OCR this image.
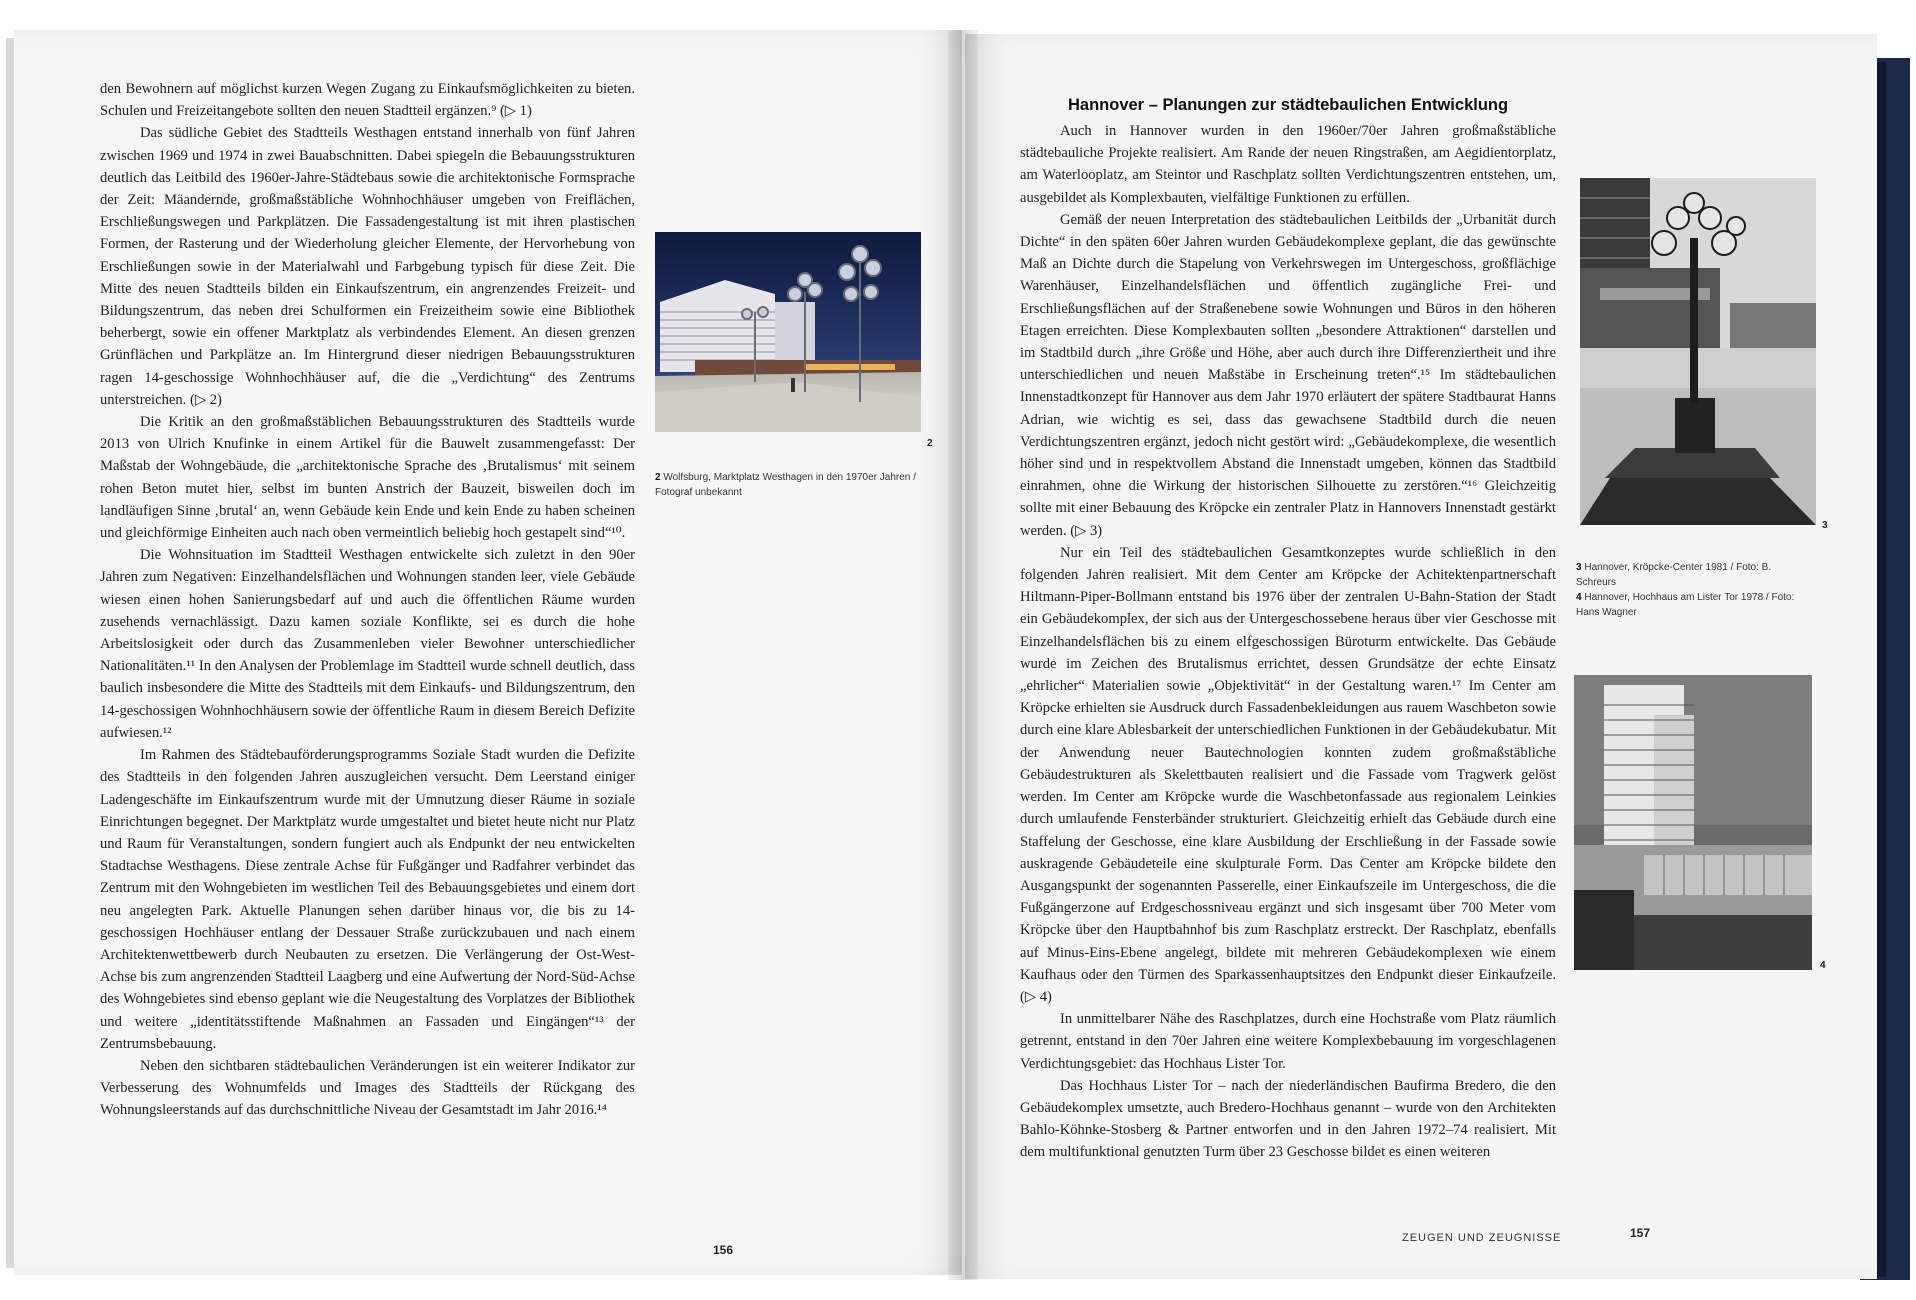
den Bewohnern auf möglichst kurzen Wegen Zugang zu Einkaufsmöglichkeiten zu bieten. Schulen und Freizeitangebote sollten den neuen Stadtteil ergänzen.⁹ (▷ 1)

Das südliche Gebiet des Stadtteils Westhagen entstand innerhalb von fünf Jahren zwischen 1969 und 1974 in zwei Bauabschnitten. Dabei spiegeln die Bebauungsstrukturen deutlich das Leitbild des 1960er-Jahre-Städtebaus sowie die architektonische Formsprache der Zeit: Mäandernde, großmaßstäbliche Wohnhochhäuser umgeben von Freiflächen, Erschließungswegen und Parkplätzen. Die Fassadengestaltung ist mit ihren plastischen Formen, der Rasterung und der Wiederholung gleicher Elemente, der Hervorhebung von Erschließungen sowie in der Materialwahl und Farbgebung typisch für diese Zeit. Die Mitte des neuen Stadtteils bilden ein Einkaufszentrum, ein angrenzendes Freizeit- und Bildungszentrum, das neben drei Schulformen ein Freizeitheim sowie eine Bibliothek beherbergt, sowie ein offener Marktplatz als verbindendes Element. An diesen grenzen Grünflächen und Parkplätze an. Im Hintergrund dieser niedrigen Bebauungsstrukturen ragen 14-geschossige Wohnhochhäuser auf, die die „Verdichtung“ des Zentrums unterstreichen. (▷ 2)

Die Kritik an den großmaßstäblichen Bebauungsstrukturen des Stadtteils wurde 2013 von Ulrich Knufinke in einem Artikel für die Bauwelt zusammengefasst: Der Maßstab der Wohngebäude, die „architektonische Sprache des ‚Brutalismus‘ mit seinem rohen Beton mutet hier, selbst im bunten Anstrich der Bauzeit, bisweilen doch im landläufigen Sinne ‚brutal‘ an, wenn Gebäude kein Ende und kein Ende zu haben scheinen und gleichförmige Einheiten auch nach oben vermeintlich beliebig hoch gestapelt sind“¹⁰.

Die Wohnsituation im Stadtteil Westhagen entwickelte sich zuletzt in den 90er Jahren zum Negativen: Einzelhandelsflächen und Wohnungen standen leer, viele Gebäude wiesen einen hohen Sanierungsbedarf auf und auch die öffentlichen Räume wurden zusehends vernachlässigt. Dazu kamen soziale Konflikte, sei es durch die hohe Arbeitslosigkeit oder durch das Zusammenleben vieler Bewohner unterschiedlicher Nationalitäten.¹¹ In den Analysen der Problemlage im Stadtteil wurde schnell deutlich, dass baulich insbesondere die Mitte des Stadtteils mit dem Einkaufs- und Bildungszentrum, den 14-geschossigen Wohnhochhäusern sowie der öffentliche Raum in diesem Bereich Defizite aufwiesen.¹²

Im Rahmen des Städtebauförderungsprogramms Soziale Stadt wurden die Defizite des Stadtteils in den folgenden Jahren auszugleichen versucht. Dem Leerstand einiger Ladengeschäfte im Einkaufszentrum wurde mit der Umnutzung dieser Räume in soziale Einrichtungen begegnet. Der Marktplatz wurde umgestaltet und bietet heute nicht nur Platz und Raum für Veranstaltungen, sondern fungiert auch als Endpunkt der neu entwickelten Stadtachse Westhagens. Diese zentrale Achse für Fußgänger und Radfahrer verbindet das Zentrum mit den Wohngebieten im westlichen Teil des Bebauungsgebietes und einem dort neu angelegten Park. Aktuelle Planungen sehen darüber hinaus vor, die bis zu 14-geschossigen Hochhäuser entlang der Dessauer Straße zurückzubauen und nach einem Architektenwettbewerb durch Neubauten zu ersetzen. Die Verlängerung der Ost-West-Achse bis zum angrenzenden Stadtteil Laagberg und eine Aufwertung der Nord-Süd-Achse des Wohngebietes sind ebenso geplant wie die Neugestaltung des Vorplatzes der Bibliothek und weitere „identitätsstiftende Maßnahmen an Fassaden und Eingängen“¹³ der Zentrumsbebauung.

Neben den sichtbaren städtebaulichen Veränderungen ist ein weiterer Indikator zur Verbesserung des Wohnumfelds und Images des Stadtteils der Rückgang des Wohnungsleerstands auf das durchschnittliche Niveau der Gesamtstadt im Jahr 2016.¹⁴

2
2 Wolfsburg, Marktplatz Westhagen in den 1970er Jahren / Fotograf unbekannt
156
Hannover – Planungen zur städtebaulichen Entwicklung

Auch in Hannover wurden in den 1960er/70er Jahren großmaßstäbliche städtebauliche Projekte realisiert. Am Rande der neuen Ringstraßen, am Aegidientorplatz, am Waterlooplatz, am Steintor und Raschplatz sollten Verdichtungszentren entstehen, um, ausgebildet als Komplexbauten, vielfältige Funktionen zu erfüllen.

Gemäß der neuen Interpretation des städtebaulichen Leitbilds der „Urbanität durch Dichte“ in den späten 60er Jahren wurden Gebäudekomplexe geplant, die das gewünschte Maß an Dichte durch die Stapelung von Verkehrswegen im Untergeschoss, großflächige Warenhäuser, Einzelhandelsflächen und öffentlich zugängliche Frei- und Erschließungsflächen auf der Straßenebene sowie Wohnungen und Büros in den höheren Etagen erreichten. Diese Komplexbauten sollten „besondere Attraktionen“ darstellen und im Stadtbild durch „ihre Größe und Höhe, aber auch durch ihre Differenziertheit und ihre unterschiedlichen und neuen Maßstäbe in Erscheinung treten“.¹⁵ Im städtebaulichen Innenstadtkonzept für Hannover aus dem Jahr 1970 erläutert der spätere Stadtbaurat Hanns Adrian, wie wichtig es sei, dass das gewachsene Stadtbild durch die neuen Verdichtungszentren ergänzt, jedoch nicht gestört wird: „Gebäudekomplexe, die wesentlich höher sind und in respektvollem Abstand die Innenstadt umgeben, können das Stadtbild einrahmen, ohne die Wirkung der historischen Silhouette zu zerstören.“¹⁶ Gleichzeitig sollte mit einer Bebauung des Kröpcke ein zentraler Platz in Hannovers Innenstadt gestärkt werden. (▷ 3)

Nur ein Teil des städtebaulichen Gesamtkonzeptes wurde schließlich in den folgenden Jahren realisiert. Mit dem Center am Kröpcke der Achitektenpartnerschaft Hiltmann-Piper-Bollmann entstand bis 1976 über der zentralen U-Bahn-Station der Stadt ein Gebäudekomplex, der sich aus der Untergeschossebene heraus über vier Geschosse mit Einzelhandelsflächen bis zu einem elfgeschossigen Büroturm entwickelte. Das Gebäude wurde im Zeichen des Brutalismus errichtet, dessen Grundsätze der echte Einsatz „ehrlicher“ Materialien sowie „Objektivität“ in der Gestaltung waren.¹⁷ Im Center am Kröpcke erhielten sie Ausdruck durch Fassadenbekleidungen aus rauem Waschbeton sowie durch eine klare Ablesbarkeit der unterschiedlichen Funktionen in der Gebäudekubatur. Mit der Anwendung neuer Bautechnologien konnten zudem großmaßstäbliche Gebäudestrukturen als Skelettbauten realisiert und die Fassade vom Tragwerk gelöst werden. Im Center am Kröpcke wurde die Waschbetonfassade aus regionalem Leinkies durch umlaufende Fensterbänder strukturiert. Gleichzeitig erhielt das Gebäude durch eine Staffelung der Geschosse, eine klare Ausbildung der Erschließung in der Fassade sowie auskragende Gebäudeteile eine skulpturale Form. Das Center am Kröpcke bildete den Ausgangspunkt der sogenannten Passerelle, einer Einkaufszeile im Untergeschoss, die die Fußgängerzone auf Erdgeschossniveau ergänzt und sich insgesamt über 700 Meter vom Kröpcke über den Hauptbahnhof bis zum Raschplatz erstreckt. Der Raschplatz, ebenfalls auf Minus-Eins-Ebene angelegt, bildete mit mehreren Gebäudekomplexen wie einem Kaufhaus oder den Türmen des Sparkassenhauptsitzes den Endpunkt dieser Einkaufzeile. (▷ 4)

In unmittelbarer Nähe des Raschplatzes, durch eine Hochstraße vom Platz räumlich getrennt, entstand in den 70er Jahren eine weitere Komplexbebauung im vorgeschlagenen Verdichtungsgebiet: das Hochhaus Lister Tor.

Das Hochhaus Lister Tor – nach der niederländischen Baufirma Bredero, die den Gebäudekomplex umsetzte, auch Bredero-Hochhaus genannt – wurde von den Architekten Bahlo-Köhnke-Stosberg & Partner entworfen und in den Jahren 1972–74 realisiert. Mit dem multifunktional genutzten Turm über 23 Geschosse bildet es einen weiteren

3
3 Hannover, Kröpcke-Center 1981 / Foto: B. Schreurs
4 Hannover, Hochhaus am Lister Tor 1978 / Foto: Hans Wagner
4
ZEUGEN UND ZEUGNISSE	157
